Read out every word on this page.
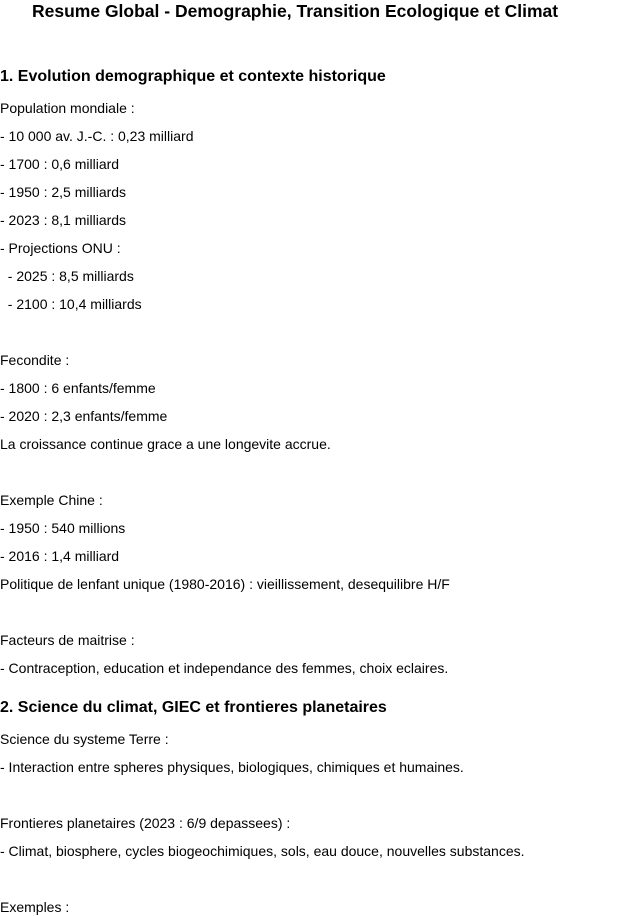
Resume Global - Demographie, Transition Ecologique et Climat
1. Evolution demographique et contexte historique

Population mondiale :

- 10 000 av. J.-C. : 0,23 milliard

- 1700 : 0,6 milliard

- 1950 : 2,5 milliards

- 2023 : 8,1 milliards

- Projections ONU :

- 2025 : 8,5 milliards

- 2100 : 10,4 milliards

Fecondite :

- 1800 : 6 enfants/femme

- 2020 : 2,3 enfants/femme

La croissance continue grace a une longevite accrue.

Exemple Chine :

- 1950 : 540 millions

- 2016 : 1,4 milliard

Politique de lenfant unique (1980-2016) : vieillissement, desequilibre H/F

Facteurs de maitrise :

- Contraception, education et independance des femmes, choix eclaires.

2. Science du climat, GIEC et frontieres planetaires

Science du systeme Terre :

- Interaction entre spheres physiques, biologiques, chimiques et humaines.

Frontieres planetaires (2023 : 6/9 depassees) :

- Climat, biosphere, cycles biogeochimiques, sols, eau douce, nouvelles substances.

Exemples :
